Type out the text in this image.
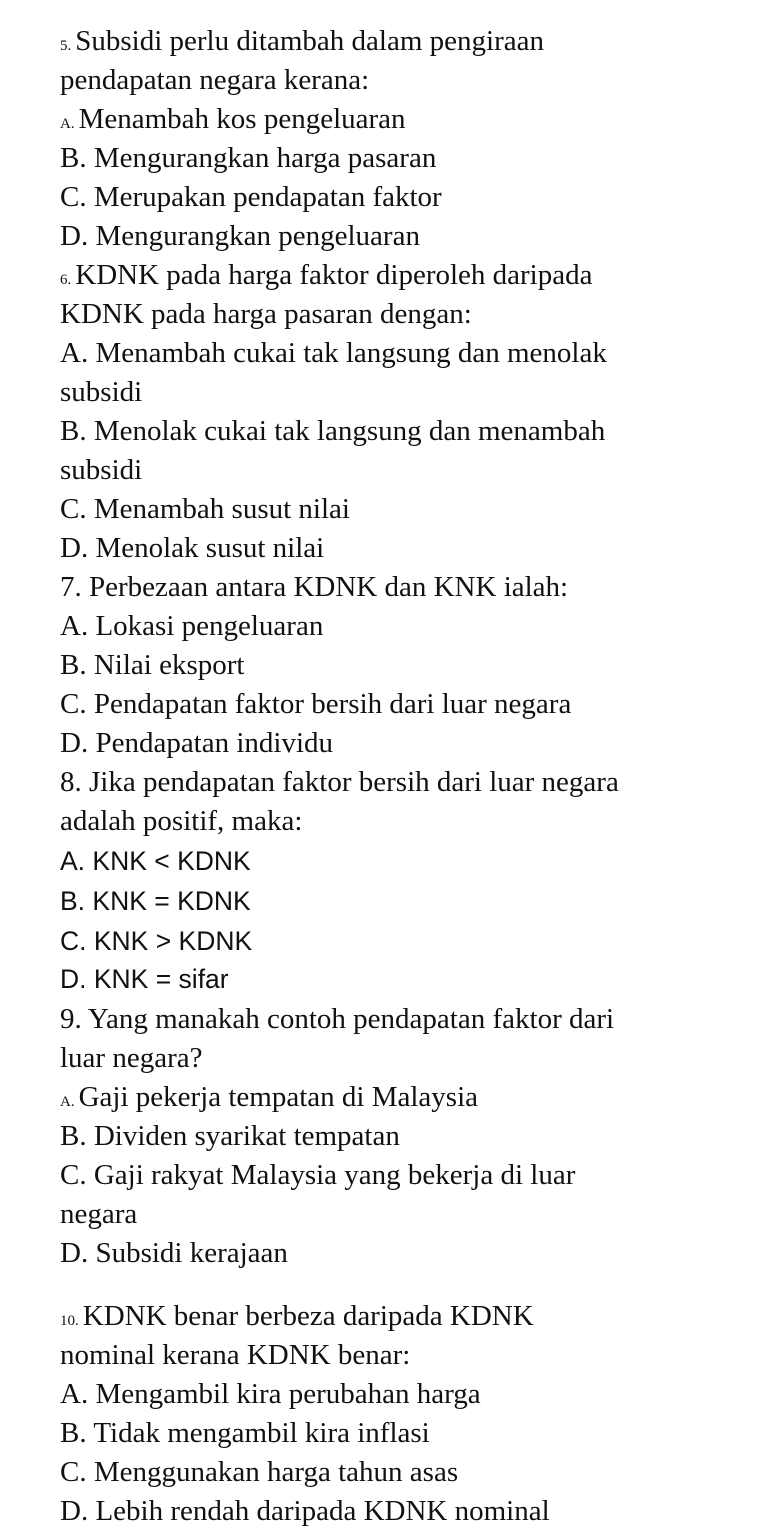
5. Subsidi perlu ditambah dalam pengiraan
pendapatan negara kerana:
A. Menambah kos pengeluaran
B. Mengurangkan harga pasaran
C. Merupakan pendapatan faktor
D. Mengurangkan pengeluaran
6. KDNK pada harga faktor diperoleh daripada
KDNK pada harga pasaran dengan:
A. Menambah cukai tak langsung dan menolak
subsidi
B. Menolak cukai tak langsung dan menambah
subsidi
C. Menambah susut nilai
D. Menolak susut nilai
7. Perbezaan antara KDNK dan KNK ialah:
A. Lokasi pengeluaran
B. Nilai eksport
C. Pendapatan faktor bersih dari luar negara
D. Pendapatan individu
8. Jika pendapatan faktor bersih dari luar negara
adalah positif, maka:
A. KNK < KDNK
B. KNK = KDNK
C. KNK > KDNK
D. KNK = sifar
9. Yang manakah contoh pendapatan faktor dari
luar negara?
A. Gaji pekerja tempatan di Malaysia
B. Dividen syarikat tempatan
C. Gaji rakyat Malaysia yang bekerja di luar
negara
D. Subsidi kerajaan
10. KDNK benar berbeza daripada KDNK
nominal kerana KDNK benar:
A. Mengambil kira perubahan harga
B. Tidak mengambil kira inflasi
C. Menggunakan harga tahun asas
D. Lebih rendah daripada KDNK nominal
